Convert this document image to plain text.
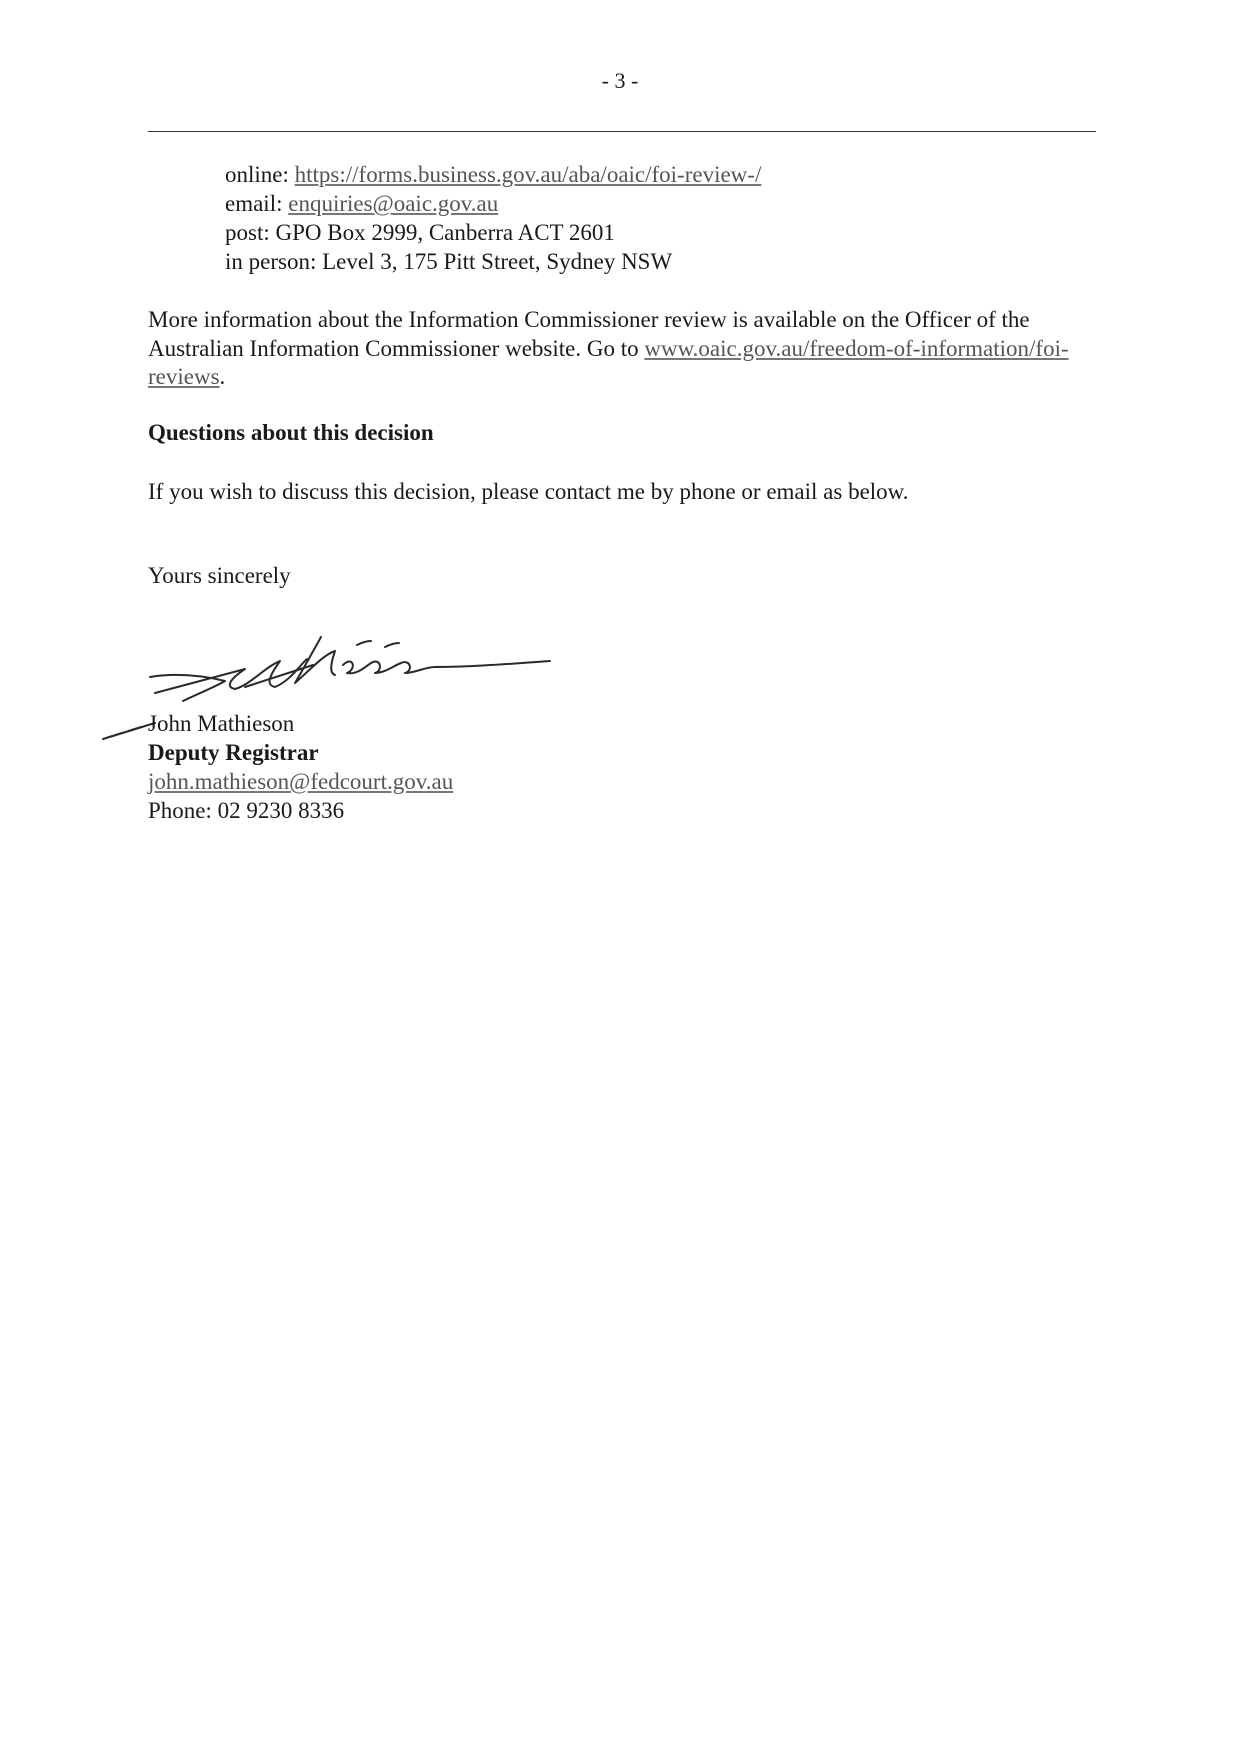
- 3 -
online: https://forms.business.gov.au/aba/oaic/foi-review-/
email: enquiries@oaic.gov.au
post: GPO Box 2999, Canberra ACT 2601
in person: Level 3, 175 Pitt Street, Sydney NSW
More information about the Information Commissioner review is available on the Officer of the Australian Information Commissioner website. Go to www.oaic.gov.au/freedom-of-information/foi-reviews.
Questions about this decision
If you wish to discuss this decision, please contact me by phone or email as below.
Yours sincerely
John Mathieson
Deputy Registrar
john.mathieson@fedcourt.gov.au
Phone: 02 9230 8336
